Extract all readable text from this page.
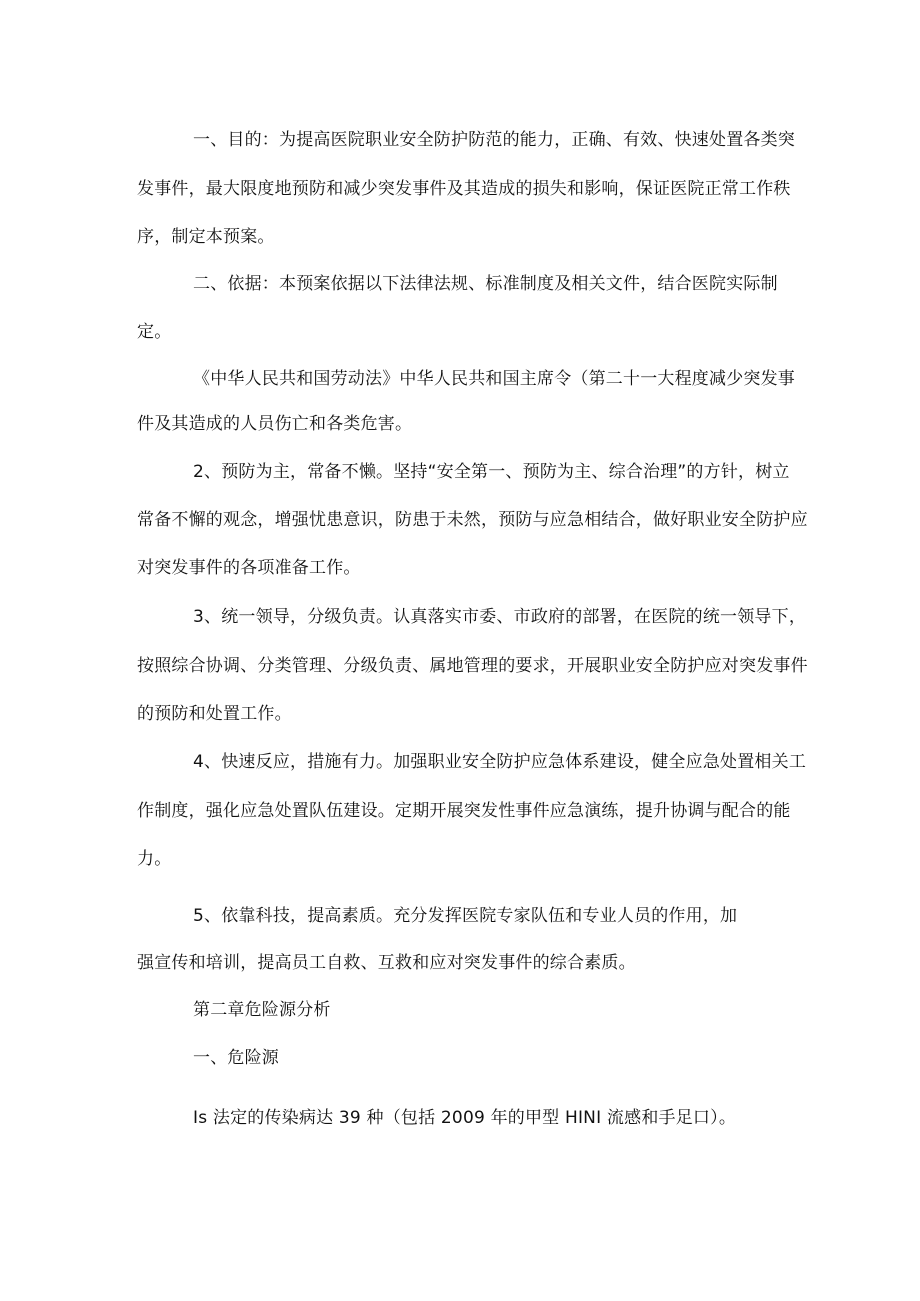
一、目的：为提高医院职业安全防护防范的能力，正确、有效、快速处置各类突
发事件，最大限度地预防和减少突发事件及其造成的损失和影响，保证医院正常工作秩
序，制定本预案。
二、依据：本预案依据以下法律法规、标准制度及相关文件，结合医院实际制
定。
《中华人民共和国劳动法》中华人民共和国主席令（第二十一大程度减少突发事
件及其造成的人员伤亡和各类危害。
2、预防为主，常备不懒。坚持“安全第一、预防为主、综合治理”的方针，树立
常备不懈的观念，增强忧患意识，防患于未然，预防与应急相结合，做好职业安全防护应
对突发事件的各项准备工作。
3、统一领导，分级负责。认真落实市委、市政府的部署，在医院的统一领导下，
按照综合协调、分类管理、分级负责、属地管理的要求，开展职业安全防护应对突发事件
的预防和处置工作。
4、快速反应，措施有力。加强职业安全防护应急体系建设，健全应急处置相关工
作制度，强化应急处置队伍建设。定期开展突发性事件应急演练，提升协调与配合的能
力。
5、依靠科技，提高素质。充分发挥医院专家队伍和专业人员的作用，加
强宣传和培训，提高员工自救、互救和应对突发事件的综合素质。
第二章危险源分析
一、危险源
Is 法定的传染病达 39 种（包括 2009 年的甲型 HINI 流感和手足口）。
